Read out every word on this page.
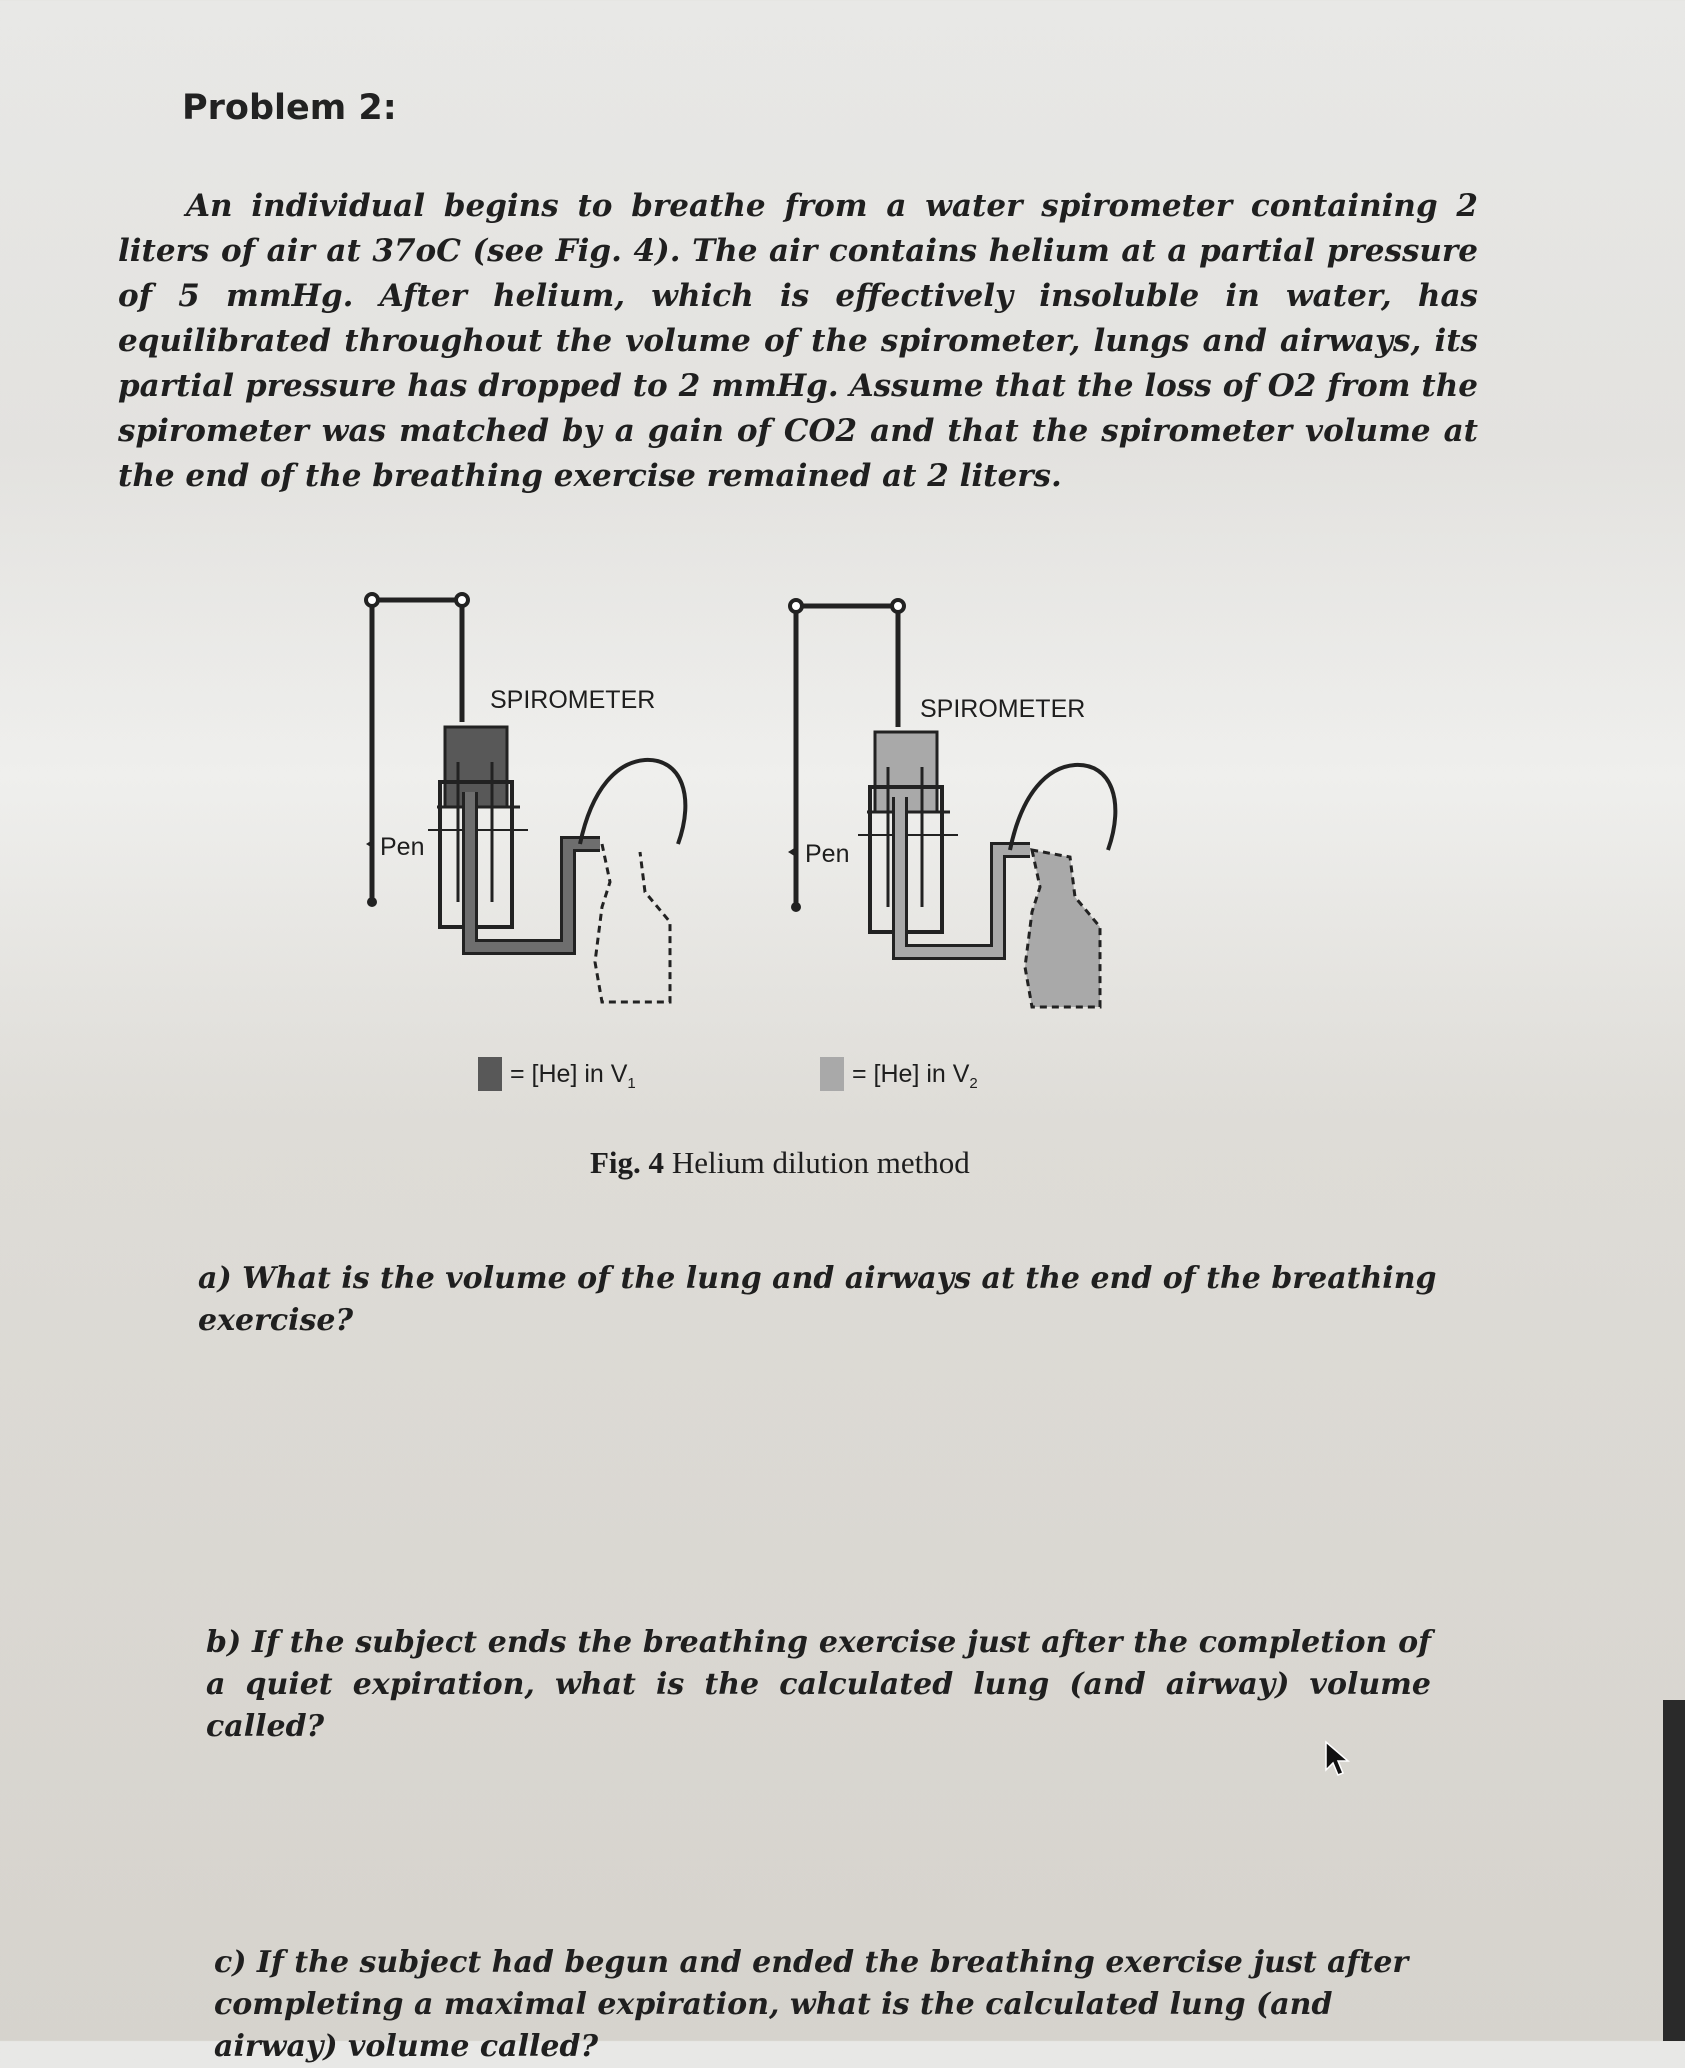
Problem 2:
An individual begins to breathe from a water spirometer containing 2 liters of air at 37oC (see Fig. 4). The air contains helium at a partial pressure of 5 mmHg. After helium, which is effectively insoluble in water, has equilibrated throughout the volume of the spirometer, lungs and airways, its partial pressure has dropped to 2 mmHg. Assume that the loss of O2 from the spirometer was matched by a gain of CO2 and that the spirometer volume at the end of the breathing exercise remained at 2 liters.
SPIROMETER	SPIROMETER
Pen	Pen
= [He] in $V_1$	= [He] in $V_2$
Fig. 4 Helium dilution method
a) What is the volume of the lung and airways at the end of the breathing exercise?
b) If the subject ends the breathing exercise just after the completion of a quiet expiration, what is the calculated lung (and airway) volume called?
c) If the subject had begun and ended the breathing exercise just after completing a maximal expiration, what is the calculated lung (and airway) volume called?
